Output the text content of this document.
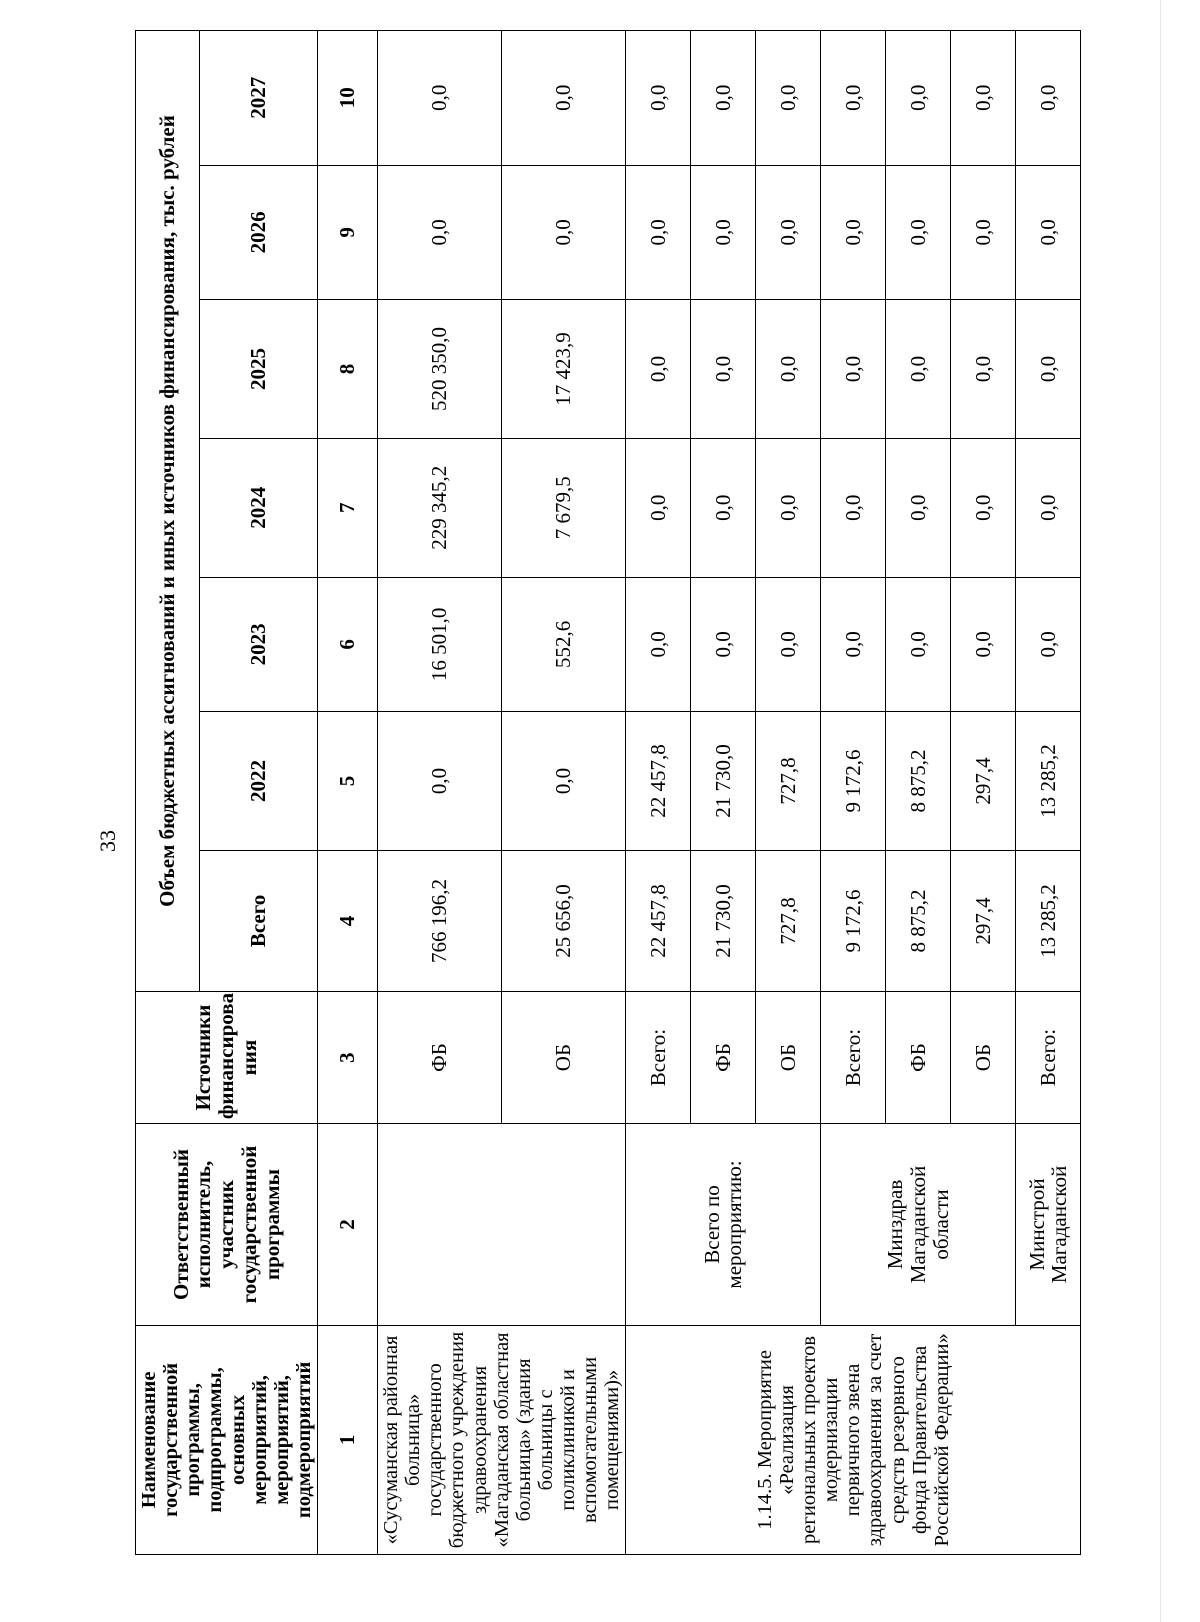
33
Наименование государственной программы, подпрограммы, основных мероприятий, мероприятий, подмероприятий	Ответственный исполнитель, участник государственной программы	Источники финансирова ния	Объем бюджетных ассигнований и иных источников финансирования, тыс. рублей						
			Всего	2022	2023	2024	2025	2026	2027
1	2	3	4	5	6	7	8	9	10
«Сусуманская районная больница» государственного бюджетного учреждения здравоохранения «Магаданская областная больница» (здания больницы с поликлиникой и вспомогательными помещениями)»		ФБ	766 196,2	0,0	16 501,0	229 345,2	520 350,0	0,0	0,0
		ОБ	25 656,0	0,0	552,6	7 679,5	17 423,9	0,0	0,0
1.14.5. Мероприятие «Реализация региональных проектов модернизации первичного звена здравоохранения за счет средств резервного фонда Правительства Российской Федерации»	Всего по мероприятию:	Всего:	22 457,8	22 457,8	0,0	0,0	0,0	0,0	0,0
		ФБ	21 730,0	21 730,0	0,0	0,0	0,0	0,0	0,0
		ОБ	727,8	727,8	0,0	0,0	0,0	0,0	0,0
	Минздрав Магаданской области	Всего:	9 172,6	9 172,6	0,0	0,0	0,0	0,0	0,0
		ФБ	8 875,2	8 875,2	0,0	0,0	0,0	0,0	0,0
		ОБ	297,4	297,4	0,0	0,0	0,0	0,0	0,0
	Минстрой Магаданской	Всего:	13 285,2	13 285,2	0,0	0,0	0,0	0,0	0,0
